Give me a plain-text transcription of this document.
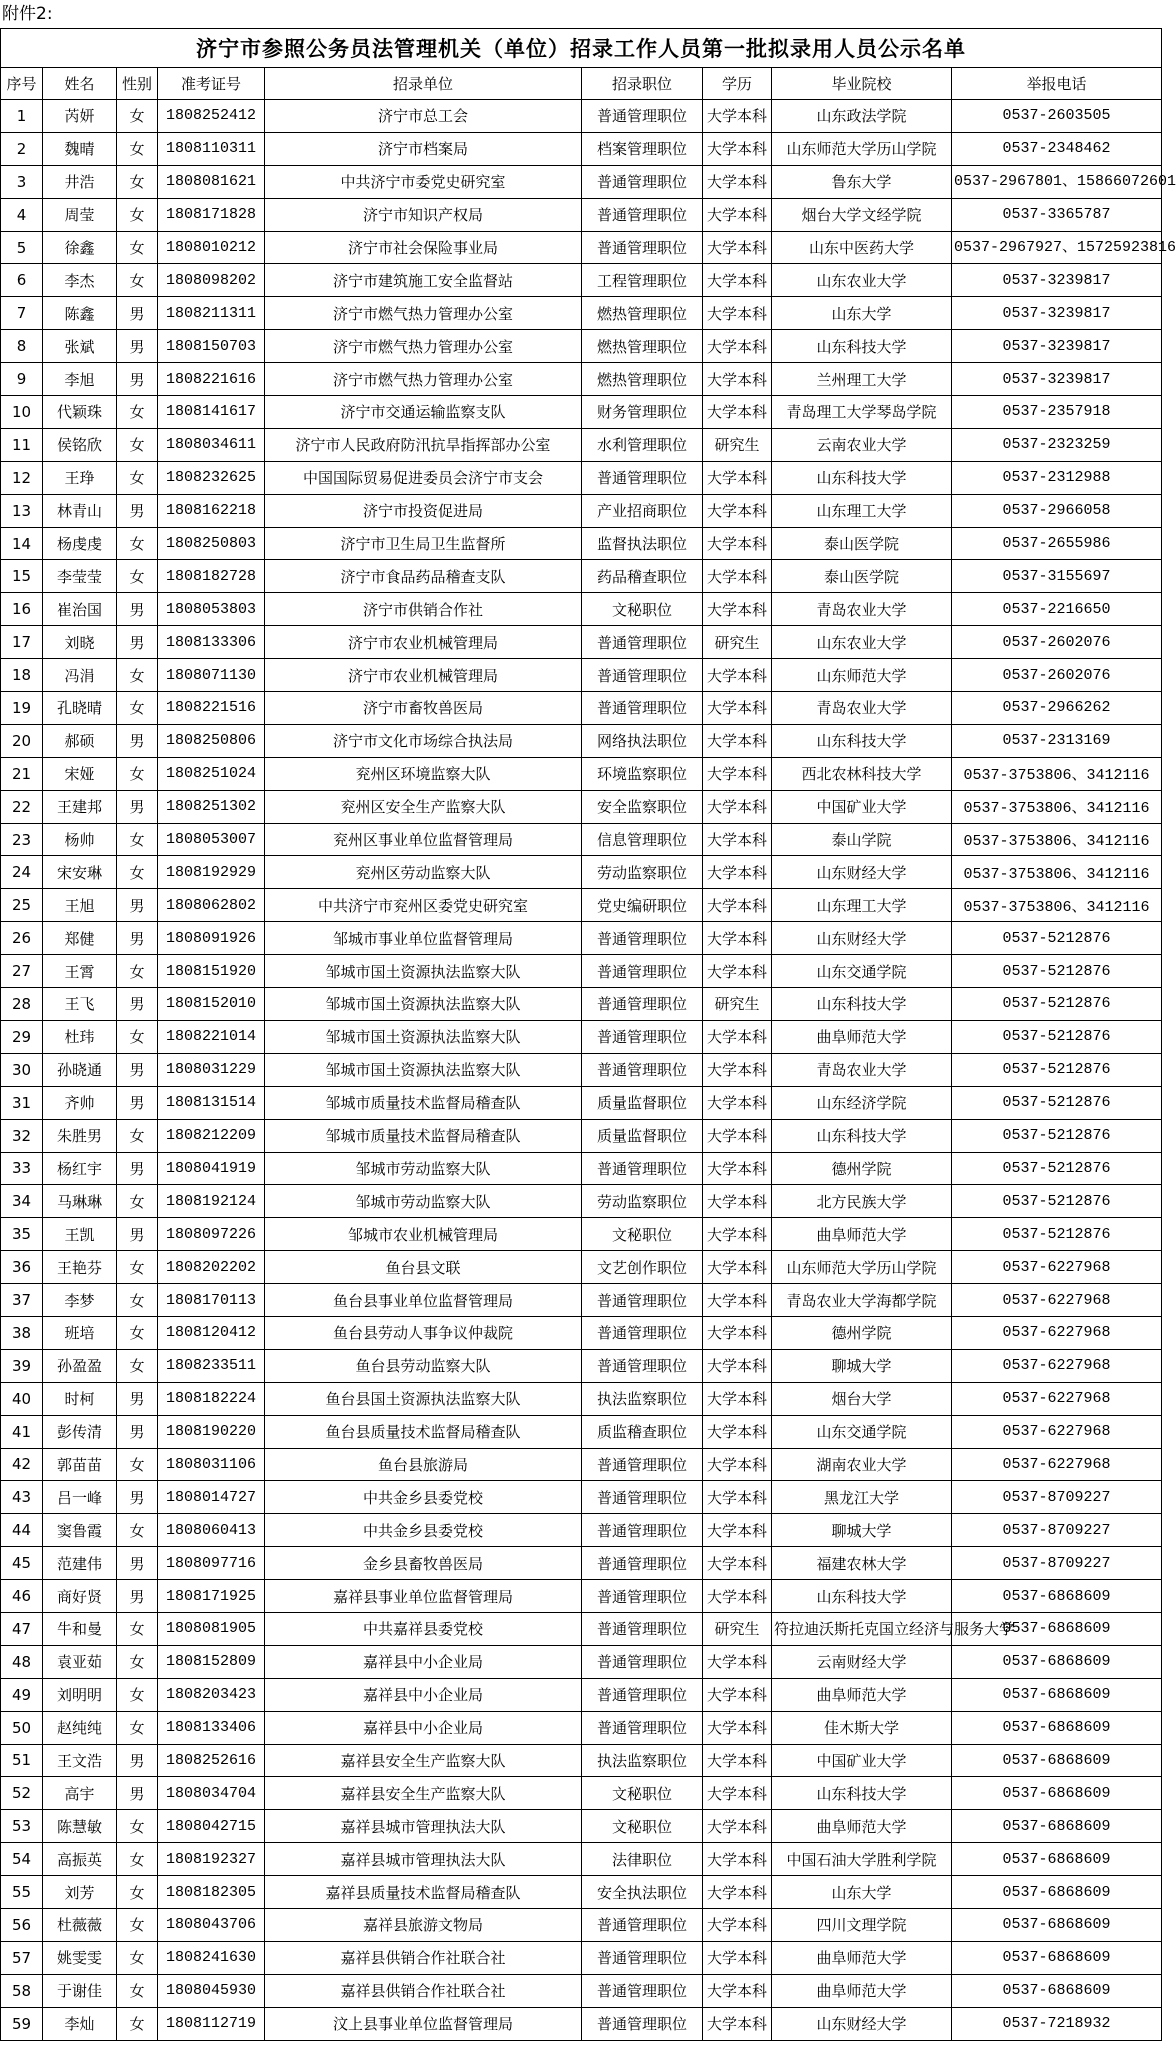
附件2:
济宁市参照公务员法管理机关（单位）招录工作人员第一批拟录用人员公示名单								
序号	姓名	性别	准考证号	招录单位	招录职位	学历	毕业院校	举报电话
1	芮妍	女	1808252412	济宁市总工会	普通管理职位	大学本科	山东政法学院	0537-2603505
2	魏晴	女	1808110311	济宁市档案局	档案管理职位	大学本科	山东师范大学历山学院	0537-2348462
3	井浩	女	1808081621	中共济宁市委党史研究室	普通管理职位	大学本科	鲁东大学	0537-2967801、15866072601
4	周莹	女	1808171828	济宁市知识产权局	普通管理职位	大学本科	烟台大学文经学院	0537-3365787
5	徐鑫	女	1808010212	济宁市社会保险事业局	普通管理职位	大学本科	山东中医药大学	0537-2967927、15725923816
6	李杰	女	1808098202	济宁市建筑施工安全监督站	工程管理职位	大学本科	山东农业大学	0537-3239817
7	陈鑫	男	1808211311	济宁市燃气热力管理办公室	燃热管理职位	大学本科	山东大学	0537-3239817
8	张斌	男	1808150703	济宁市燃气热力管理办公室	燃热管理职位	大学本科	山东科技大学	0537-3239817
9	李旭	男	1808221616	济宁市燃气热力管理办公室	燃热管理职位	大学本科	兰州理工大学	0537-3239817
10	代颖珠	女	1808141617	济宁市交通运输监察支队	财务管理职位	大学本科	青岛理工大学琴岛学院	0537-2357918
11	侯铭欣	女	1808034611	济宁市人民政府防汛抗旱指挥部办公室	水利管理职位	研究生	云南农业大学	0537-2323259
12	王琤	女	1808232625	中国国际贸易促进委员会济宁市支会	普通管理职位	大学本科	山东科技大学	0537-2312988
13	林青山	男	1808162218	济宁市投资促进局	产业招商职位	大学本科	山东理工大学	0537-2966058
14	杨虔虔	女	1808250803	济宁市卫生局卫生监督所	监督执法职位	大学本科	泰山医学院	0537-2655986
15	李莹莹	女	1808182728	济宁市食品药品稽查支队	药品稽查职位	大学本科	泰山医学院	0537-3155697
16	崔治国	男	1808053803	济宁市供销合作社	文秘职位	大学本科	青岛农业大学	0537-2216650
17	刘晓	男	1808133306	济宁市农业机械管理局	普通管理职位	研究生	山东农业大学	0537-2602076
18	冯涓	女	1808071130	济宁市农业机械管理局	普通管理职位	大学本科	山东师范大学	0537-2602076
19	孔晓晴	女	1808221516	济宁市畜牧兽医局	普通管理职位	大学本科	青岛农业大学	0537-2966262
20	郝硕	男	1808250806	济宁市文化市场综合执法局	网络执法职位	大学本科	山东科技大学	0537-2313169
21	宋娅	女	1808251024	兖州区环境监察大队	环境监察职位	大学本科	西北农林科技大学	0537-3753806、3412116
22	王建邦	男	1808251302	兖州区安全生产监察大队	安全监察职位	大学本科	中国矿业大学	0537-3753806、3412116
23	杨帅	女	1808053007	兖州区事业单位监督管理局	信息管理职位	大学本科	泰山学院	0537-3753806、3412116
24	宋安琳	女	1808192929	兖州区劳动监察大队	劳动监察职位	大学本科	山东财经大学	0537-3753806、3412116
25	王旭	男	1808062802	中共济宁市兖州区委党史研究室	党史编研职位	大学本科	山东理工大学	0537-3753806、3412116
26	郑健	男	1808091926	邹城市事业单位监督管理局	普通管理职位	大学本科	山东财经大学	0537-5212876
27	王霄	女	1808151920	邹城市国土资源执法监察大队	普通管理职位	大学本科	山东交通学院	0537-5212876
28	王飞	男	1808152010	邹城市国土资源执法监察大队	普通管理职位	研究生	山东科技大学	0537-5212876
29	杜玮	女	1808221014	邹城市国土资源执法监察大队	普通管理职位	大学本科	曲阜师范大学	0537-5212876
30	孙晓通	男	1808031229	邹城市国土资源执法监察大队	普通管理职位	大学本科	青岛农业大学	0537-5212876
31	齐帅	男	1808131514	邹城市质量技术监督局稽查队	质量监督职位	大学本科	山东经济学院	0537-5212876
32	朱胜男	女	1808212209	邹城市质量技术监督局稽查队	质量监督职位	大学本科	山东科技大学	0537-5212876
33	杨红宇	男	1808041919	邹城市劳动监察大队	普通管理职位	大学本科	德州学院	0537-5212876
34	马琳琳	女	1808192124	邹城市劳动监察大队	劳动监察职位	大学本科	北方民族大学	0537-5212876
35	王凯	男	1808097226	邹城市农业机械管理局	文秘职位	大学本科	曲阜师范大学	0537-5212876
36	王艳芬	女	1808202202	鱼台县文联	文艺创作职位	大学本科	山东师范大学历山学院	0537-6227968
37	李梦	女	1808170113	鱼台县事业单位监督管理局	普通管理职位	大学本科	青岛农业大学海都学院	0537-6227968
38	班培	女	1808120412	鱼台县劳动人事争议仲裁院	普通管理职位	大学本科	德州学院	0537-6227968
39	孙盈盈	女	1808233511	鱼台县劳动监察大队	普通管理职位	大学本科	聊城大学	0537-6227968
40	时柯	男	1808182224	鱼台县国土资源执法监察大队	执法监察职位	大学本科	烟台大学	0537-6227968
41	彭传清	男	1808190220	鱼台县质量技术监督局稽查队	质监稽查职位	大学本科	山东交通学院	0537-6227968
42	郭苗苗	女	1808031106	鱼台县旅游局	普通管理职位	大学本科	湖南农业大学	0537-6227968
43	吕一峰	男	1808014727	中共金乡县委党校	普通管理职位	大学本科	黑龙江大学	0537-8709227
44	窦鲁霞	女	1808060413	中共金乡县委党校	普通管理职位	大学本科	聊城大学	0537-8709227
45	范建伟	男	1808097716	金乡县畜牧兽医局	普通管理职位	大学本科	福建农林大学	0537-8709227
46	商好贤	男	1808171925	嘉祥县事业单位监督管理局	普通管理职位	大学本科	山东科技大学	0537-6868609
47	牛和曼	女	1808081905	中共嘉祥县委党校	普通管理职位	研究生	符拉迪沃斯托克国立经济与服务大学	0537-6868609
48	袁亚茹	女	1808152809	嘉祥县中小企业局	普通管理职位	大学本科	云南财经大学	0537-6868609
49	刘明明	女	1808203423	嘉祥县中小企业局	普通管理职位	大学本科	曲阜师范大学	0537-6868609
50	赵纯纯	女	1808133406	嘉祥县中小企业局	普通管理职位	大学本科	佳木斯大学	0537-6868609
51	王文浩	男	1808252616	嘉祥县安全生产监察大队	执法监察职位	大学本科	中国矿业大学	0537-6868609
52	高宇	男	1808034704	嘉祥县安全生产监察大队	文秘职位	大学本科	山东科技大学	0537-6868609
53	陈慧敏	女	1808042715	嘉祥县城市管理执法大队	文秘职位	大学本科	曲阜师范大学	0537-6868609
54	高振英	女	1808192327	嘉祥县城市管理执法大队	法律职位	大学本科	中国石油大学胜利学院	0537-6868609
55	刘芳	女	1808182305	嘉祥县质量技术监督局稽查队	安全执法职位	大学本科	山东大学	0537-6868609
56	杜薇薇	女	1808043706	嘉祥县旅游文物局	普通管理职位	大学本科	四川文理学院	0537-6868609
57	姚雯雯	女	1808241630	嘉祥县供销合作社联合社	普通管理职位	大学本科	曲阜师范大学	0537-6868609
58	于谢佳	女	1808045930	嘉祥县供销合作社联合社	普通管理职位	大学本科	曲阜师范大学	0537-6868609
59	李灿	女	1808112719	汶上县事业单位监督管理局	普通管理职位	大学本科	山东财经大学	0537-7218932
